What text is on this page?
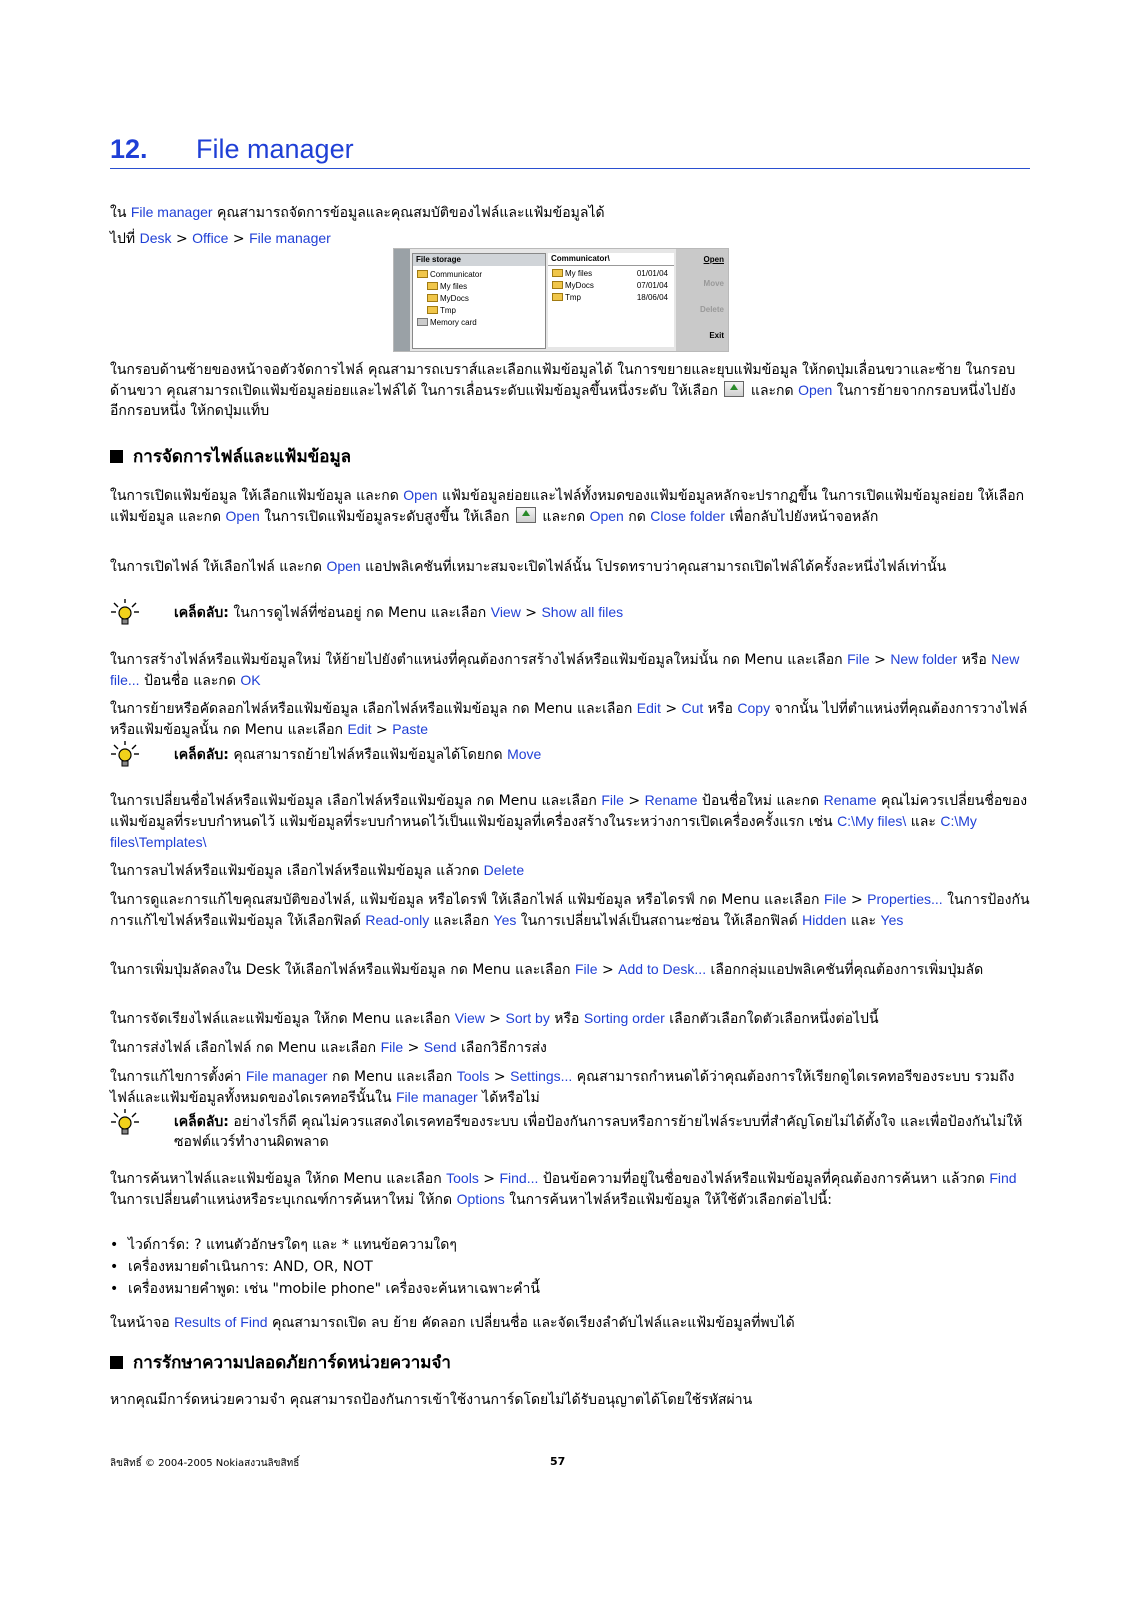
12. File manager

ใน File manager คุณสามารถจัดการข้อมูลและคุณสมบัติของไฟล์และแฟ้มข้อมูลได้

ไปที่ Desk > Office > File manager

File storage
Communicator
My files
MyDocs
Tmp
Memory card
Communicator\
My files	01/01/04
MyDocs	07/01/04
Tmp	18/06/04
Open
Move
Delete
Exit

ในกรอบด้านซ้ายของหน้าจอตัวจัดการไฟล์ คุณสามารถเบราส์และเลือกแฟ้มข้อมูลได้ ในการขยายและยุบแฟ้มข้อมูล ให้กดปุ่มเลื่อนขวาและซ้าย ในกรอบด้านขวา คุณสามารถเปิดแฟ้มข้อมูลย่อยและไฟล์ได้ ในการเลื่อนระดับแฟ้มข้อมูลขึ้นหนึ่งระดับ ให้เลือก  และกด Open ในการย้ายจากกรอบหนึ่งไปยังอีกกรอบหนึ่ง ให้กดปุ่มแท็บ

การจัดการไฟล์และแฟ้มข้อมูล

ในการเปิดแฟ้มข้อมูล ให้เลือกแฟ้มข้อมูล และกด Open แฟ้มข้อมูลย่อยและไฟล์ทั้งหมดของแฟ้มข้อมูลหลักจะปรากฏขึ้น ในการเปิดแฟ้มข้อมูลย่อย ให้เลือกแฟ้มข้อมูล และกด Open ในการเปิดแฟ้มข้อมูลระดับสูงขึ้น ให้เลือก  และกด Open กด Close folder เพื่อกลับไปยังหน้าจอหลัก

ในการเปิดไฟล์ ให้เลือกไฟล์ และกด Open แอปพลิเคชันที่เหมาะสมจะเปิดไฟล์นั้น โปรดทราบว่าคุณสามารถเปิดไฟล์ได้ครั้งละหนึ่งไฟล์เท่านั้น

เคล็ดลับ: ในการดูไฟล์ที่ซ่อนอยู่ กด Menu และเลือก View > Show all files

ในการสร้างไฟล์หรือแฟ้มข้อมูลใหม่ ให้ย้ายไปยังตำแหน่งที่คุณต้องการสร้างไฟล์หรือแฟ้มข้อมูลใหม่นั้น กด Menu และเลือก File > New folder หรือ New file... ป้อนชื่อ และกด OK

ในการย้ายหรือคัดลอกไฟล์หรือแฟ้มข้อมูล เลือกไฟล์หรือแฟ้มข้อมูล กด Menu และเลือก Edit > Cut หรือ Copy จากนั้น ไปที่ตำแหน่งที่คุณต้องการวางไฟล์หรือแฟ้มข้อมูลนั้น กด Menu และเลือก Edit > Paste

เคล็ดลับ: คุณสามารถย้ายไฟล์หรือแฟ้มข้อมูลได้โดยกด Move

ในการเปลี่ยนชื่อไฟล์หรือแฟ้มข้อมูล เลือกไฟล์หรือแฟ้มข้อมูล กด Menu และเลือก File > Rename ป้อนชื่อใหม่ และกด Rename คุณไม่ควรเปลี่ยนชื่อของแฟ้มข้อมูลที่ระบบกำหนดไว้ แฟ้มข้อมูลที่ระบบกำหนดไว้เป็นแฟ้มข้อมูลที่เครื่องสร้างในระหว่างการเปิดเครื่องครั้งแรก เช่น C:\My files\ และ C:\My files\Templates\

ในการลบไฟล์หรือแฟ้มข้อมูล เลือกไฟล์หรือแฟ้มข้อมูล แล้วกด Delete

ในการดูและการแก้ไขคุณสมบัติของไฟล์, แฟ้มข้อมูล หรือไดรฟ์ ให้เลือกไฟล์ แฟ้มข้อมูล หรือไดรฟ์ กด Menu และเลือก File > Properties... ในการป้องกันการแก้ไขไฟล์หรือแฟ้มข้อมูล ให้เลือกฟิลด์ Read-only และเลือก Yes ในการเปลี่ยนไฟล์เป็นสถานะซ่อน ให้เลือกฟิลด์ Hidden และ Yes

ในการเพิ่มปุ่มลัดลงใน Desk ให้เลือกไฟล์หรือแฟ้มข้อมูล กด Menu และเลือก File > Add to Desk... เลือกกลุ่มแอปพลิเคชันที่คุณต้องการเพิ่มปุ่มลัด

ในการจัดเรียงไฟล์และแฟ้มข้อมูล ให้กด Menu และเลือก View > Sort by หรือ Sorting order เลือกตัวเลือกใดตัวเลือกหนึ่งต่อไปนี้

ในการส่งไฟล์ เลือกไฟล์ กด Menu และเลือก File > Send เลือกวิธีการส่ง

ในการแก้ไขการตั้งค่า File manager กด Menu และเลือก Tools > Settings... คุณสามารถกำหนดได้ว่าคุณต้องการให้เรียกดูไดเรคทอรีของระบบ รวมถึงไฟล์และแฟ้มข้อมูลทั้งหมดของไดเรคทอรีนั้นใน File manager ได้หรือไม่

เคล็ดลับ: อย่างไรก็ดี คุณไม่ควรแสดงไดเรคทอรีของระบบ เพื่อป้องกันการลบหรือการย้ายไฟล์ระบบที่สำคัญโดยไม่ได้ตั้งใจ และเพื่อป้องกันไม่ให้ซอฟต์แวร์ทำงานผิดพลาด

ในการค้นหาไฟล์และแฟ้มข้อมูล ให้กด Menu และเลือก Tools > Find... ป้อนข้อความที่อยู่ในชื่อของไฟล์หรือแฟ้มข้อมูลที่คุณต้องการค้นหา แล้วกด Find ในการเปลี่ยนตำแหน่งหรือระบุเกณฑ์การค้นหาใหม่ ให้กด Options ในการค้นหาไฟล์หรือแฟ้มข้อมูล ให้ใช้ตัวเลือกต่อไปนี้:

• ไวด์การ์ด: ? แทนตัวอักษรใดๆ และ * แทนข้อความใดๆ
• เครื่องหมายดำเนินการ: AND, OR, NOT
• เครื่องหมายคำพูด: เช่น "mobile phone" เครื่องจะค้นหาเฉพาะคำนี้

ในหน้าจอ Results of Find คุณสามารถเปิด ลบ ย้าย คัดลอก เปลี่ยนชื่อ และจัดเรียงลำดับไฟล์และแฟ้มข้อมูลที่พบได้

การรักษาความปลอดภัยการ์ดหน่วยความจำ

หากคุณมีการ์ดหน่วยความจำ คุณสามารถป้องกันการเข้าใช้งานการ์ดโดยไม่ได้รับอนุญาตได้โดยใช้รหัสผ่าน

ลิขสิทธิ์ © 2004-2005 Nokiaสงวนลิขสิทธิ์	57
